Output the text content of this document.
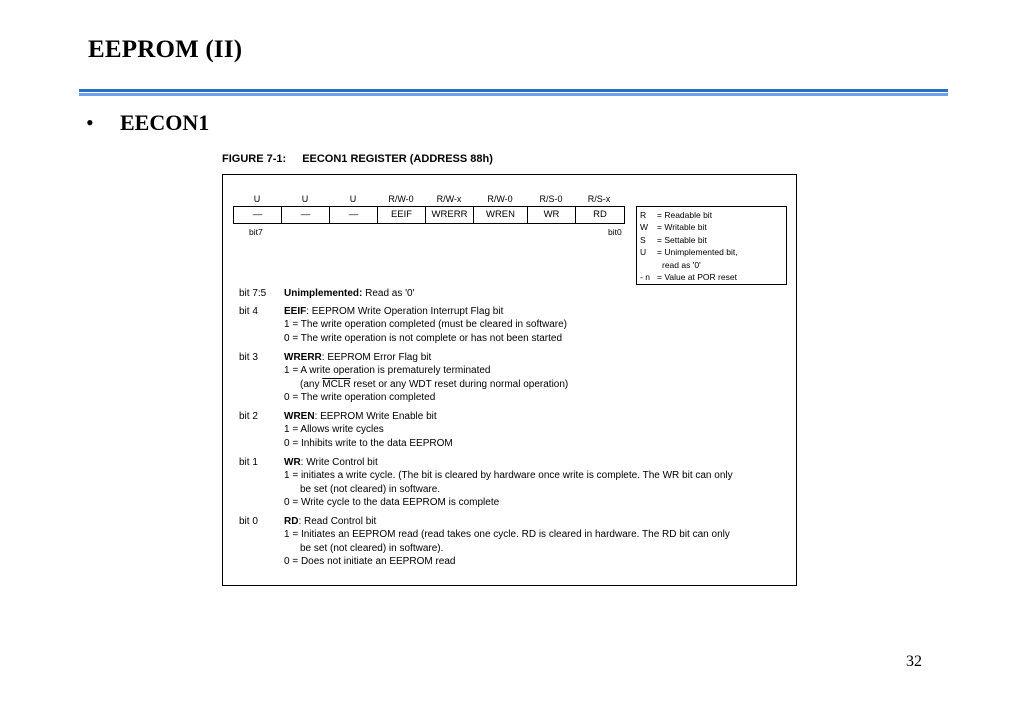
EEPROM (II)
• EECON1
FIGURE 7-1: EECON1 REGISTER (ADDRESS 88h)
U	U	U	R/W-0	R/W-x	R/W-0	R/S-0	R/S-x
—	—	—	EEIF	WRERR	WREN	WR	RD
bit7	bit0
R = Readable bit
W = Writable bit
S = Settable bit
U = Unimplemented bit,
read as '0'
- n = Value at POR reset
bit 7:5	Unimplemented: Read as '0'
bit 4	EEIF: EEPROM Write Operation Interrupt Flag bit
1 = The write operation completed (must be cleared in software)
0 = The write operation is not complete or has not been started
bit 3	WRERR: EEPROM Error Flag bit
1 = A write operation is prematurely terminated
(any MCLR reset or any WDT reset during normal operation)
0 = The write operation completed
bit 2	WREN: EEPROM Write Enable bit
1 = Allows write cycles
0 = Inhibits write to the data EEPROM
bit 1	WR: Write Control bit
1 = initiates a write cycle. (The bit is cleared by hardware once write is complete. The WR bit can only
be set (not cleared) in software.
0 = Write cycle to the data EEPROM is complete
bit 0	RD: Read Control bit
1 = Initiates an EEPROM read (read takes one cycle. RD is cleared in hardware. The RD bit can only
be set (not cleared) in software).
0 = Does not initiate an EEPROM read
32
